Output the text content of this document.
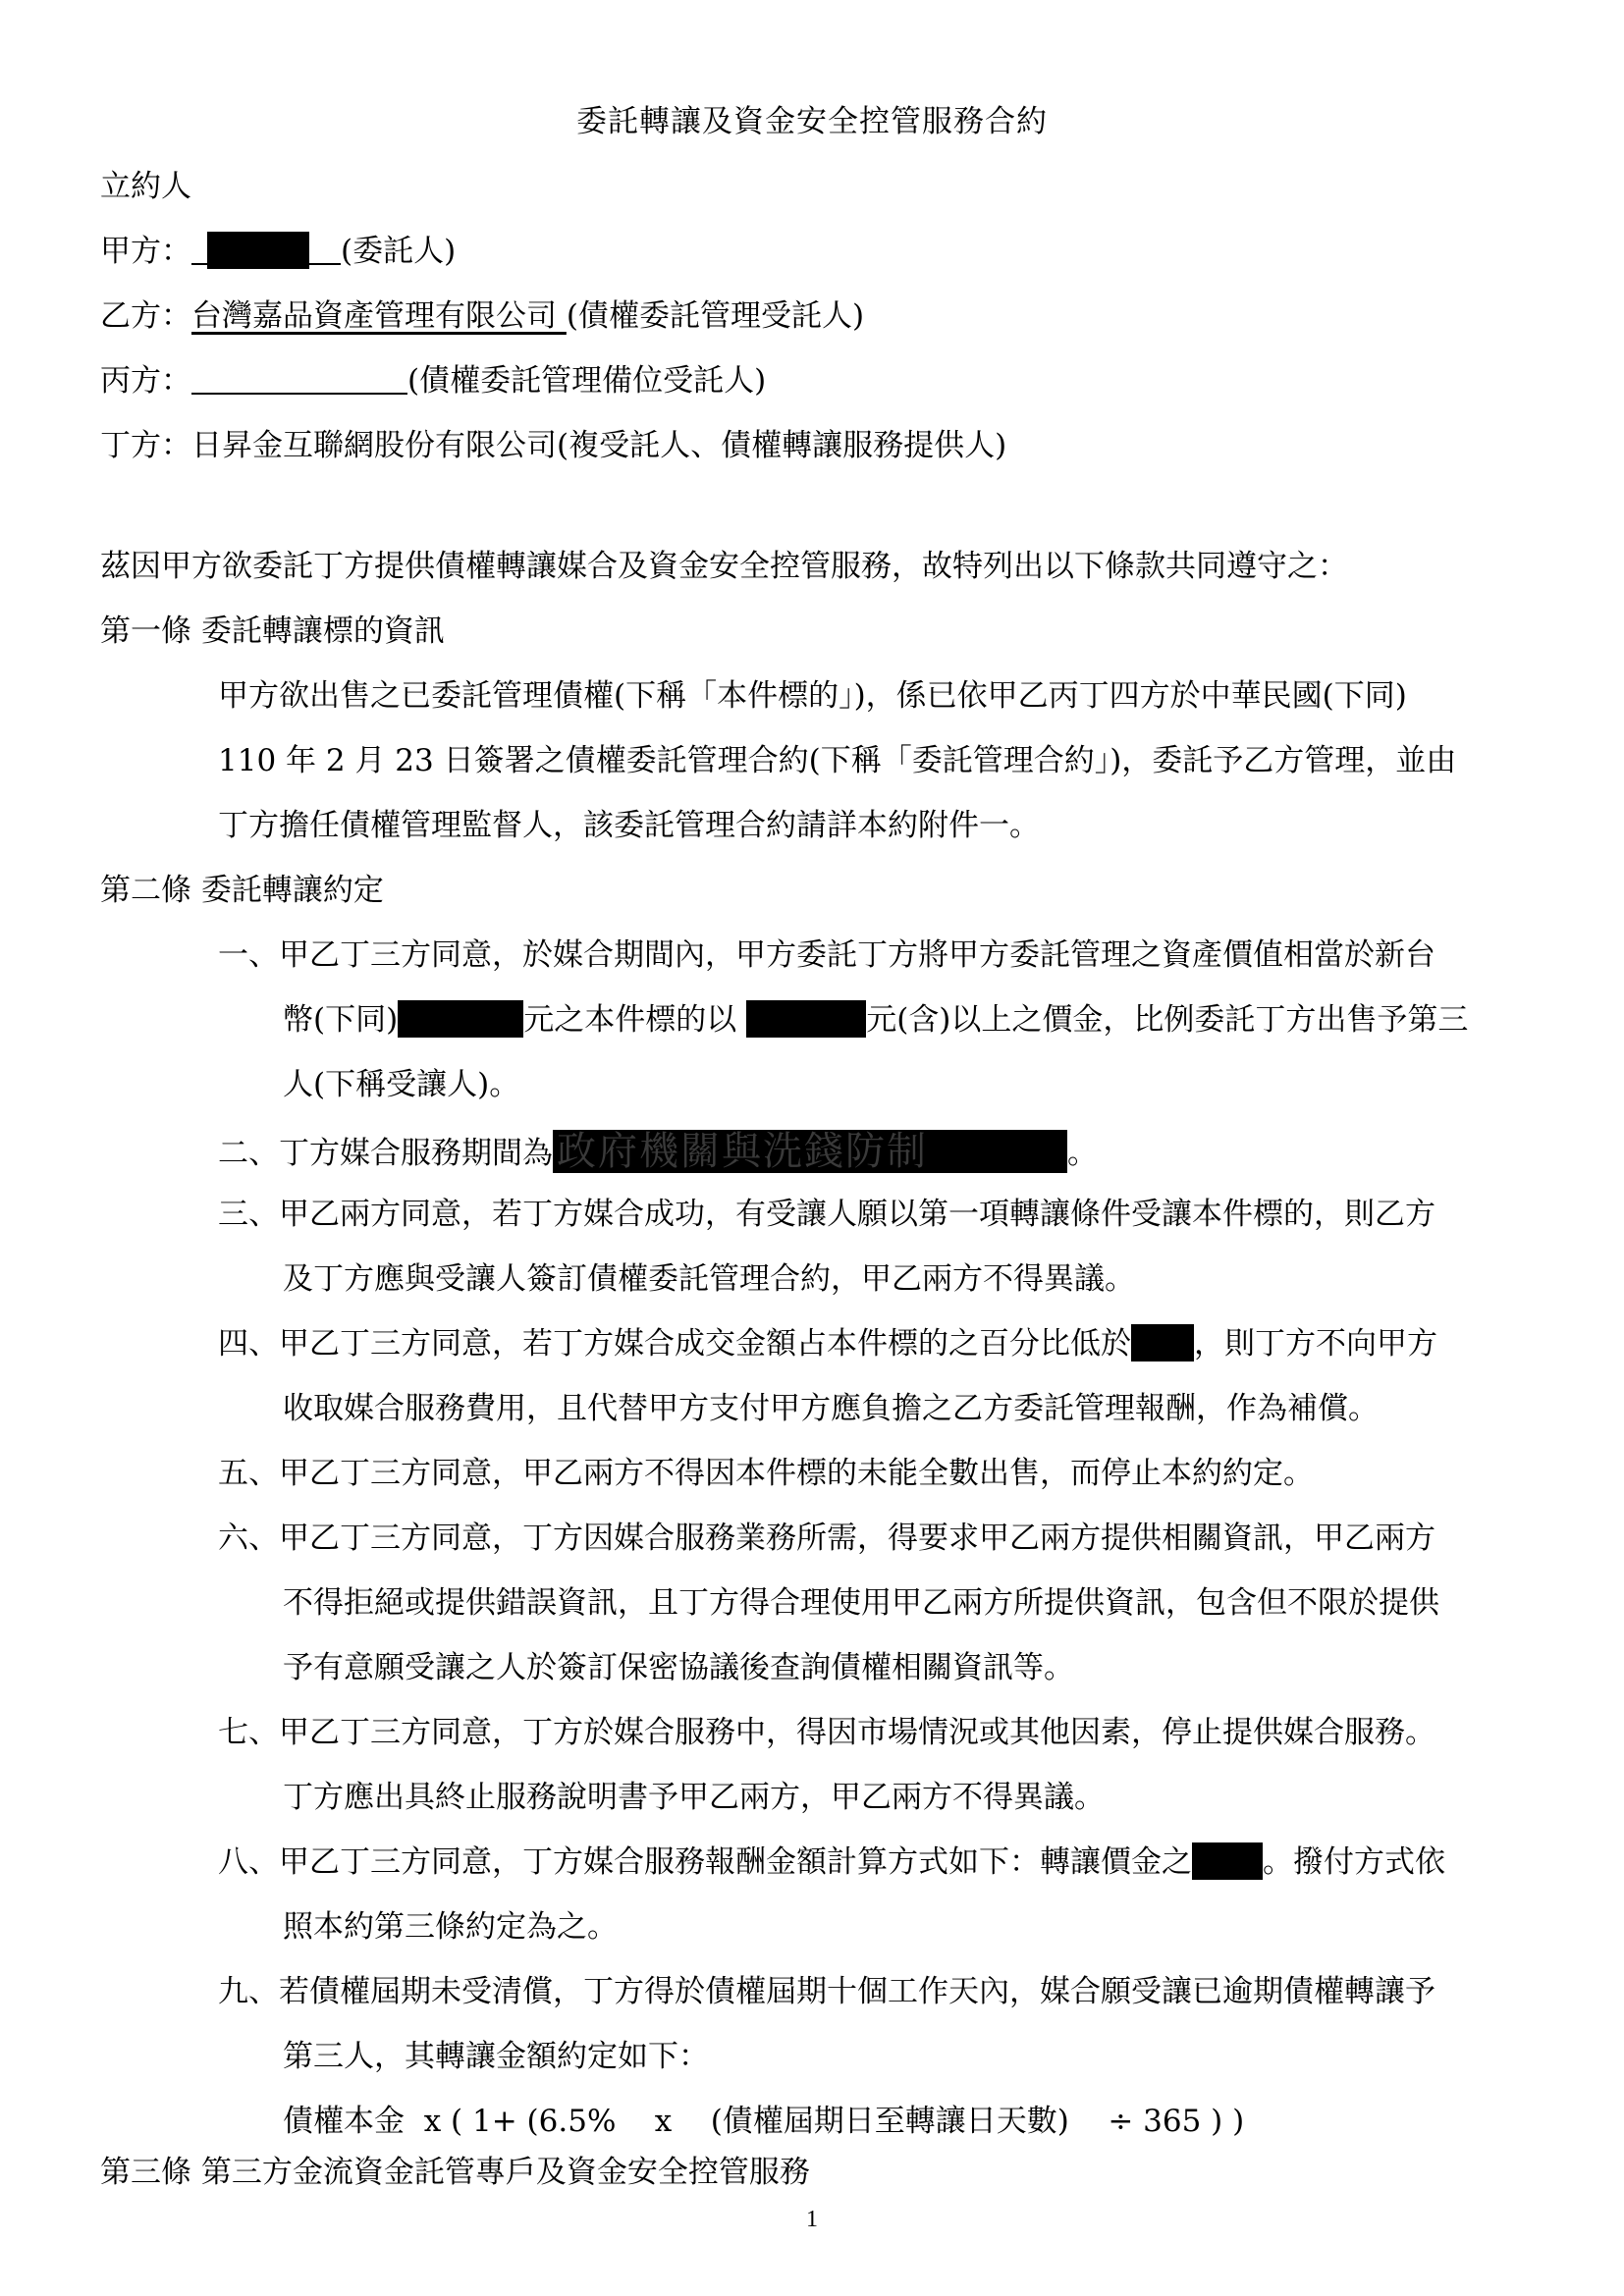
委託轉讓及資金安全控管服務合約
立約人
甲方：	(委託人)
乙方：台灣嘉品資產管理有限公司 (債權委託管理受託人)
丙方：	(債權委託管理備位受託人)
丁方：日昇金互聯網股份有限公司(複受託人、債權轉讓服務提供人)
茲因甲方欲委託丁方提供債權轉讓媒合及資金安全控管服務，故特列出以下條款共同遵守之：
第一條 委託轉讓標的資訊
甲方欲出售之已委託管理債權(下稱「本件標的」)，係已依甲乙丙丁四方於中華民國(下同)
110 年 2 月 23 日簽署之債權委託管理合約(下稱「委託管理合約」)，委託予乙方管理，並由
丁方擔任債權管理監督人，該委託管理合約請詳本約附件一。
第二條 委託轉讓約定
一、甲乙丁三方同意，於媒合期間內，甲方委託丁方將甲方委託管理之資產價值相當於新台
幣(下同)	元之本件標的以	元(含)以上之價金，比例委託丁方出售予第三
人(下稱受讓人)。
二、丁方媒合服務期間為 政府機關與洗錢防制	。
三、甲乙兩方同意，若丁方媒合成功，有受讓人願以第一項轉讓條件受讓本件標的，則乙方
及丁方應與受讓人簽訂債權委託管理合約，甲乙兩方不得異議。
四、甲乙丁三方同意，若丁方媒合成交金額占本件標的之百分比低於 ，則丁方不向甲方
收取媒合服務費用，且代替甲方支付甲方應負擔之乙方委託管理報酬，作為補償。
五、甲乙丁三方同意，甲乙兩方不得因本件標的未能全數出售，而停止本約約定。
六、甲乙丁三方同意，丁方因媒合服務業務所需，得要求甲乙兩方提供相關資訊，甲乙兩方
不得拒絕或提供錯誤資訊，且丁方得合理使用甲乙兩方所提供資訊，包含但不限於提供
予有意願受讓之人於簽訂保密協議後查詢債權相關資訊等。
七、甲乙丁三方同意，丁方於媒合服務中，得因市場情況或其他因素，停止提供媒合服務。
丁方應出具終止服務說明書予甲乙兩方，甲乙兩方不得異議。
八、甲乙丁三方同意，丁方媒合服務報酬金額計算方式如下：轉讓價金之 。撥付方式依
照本約第三條約定為之。
九、若債權屆期未受清償，丁方得於債權屆期十個工作天內，媒合願受讓已逾期債權轉讓予
第三人，其轉讓金額約定如下：
債權本金  x ( 1+ (6.5%    x    (債權屆期日至轉讓日天數)    ÷ 365 ) )
第三條 第三方金流資金託管專戶及資金安全控管服務
1
